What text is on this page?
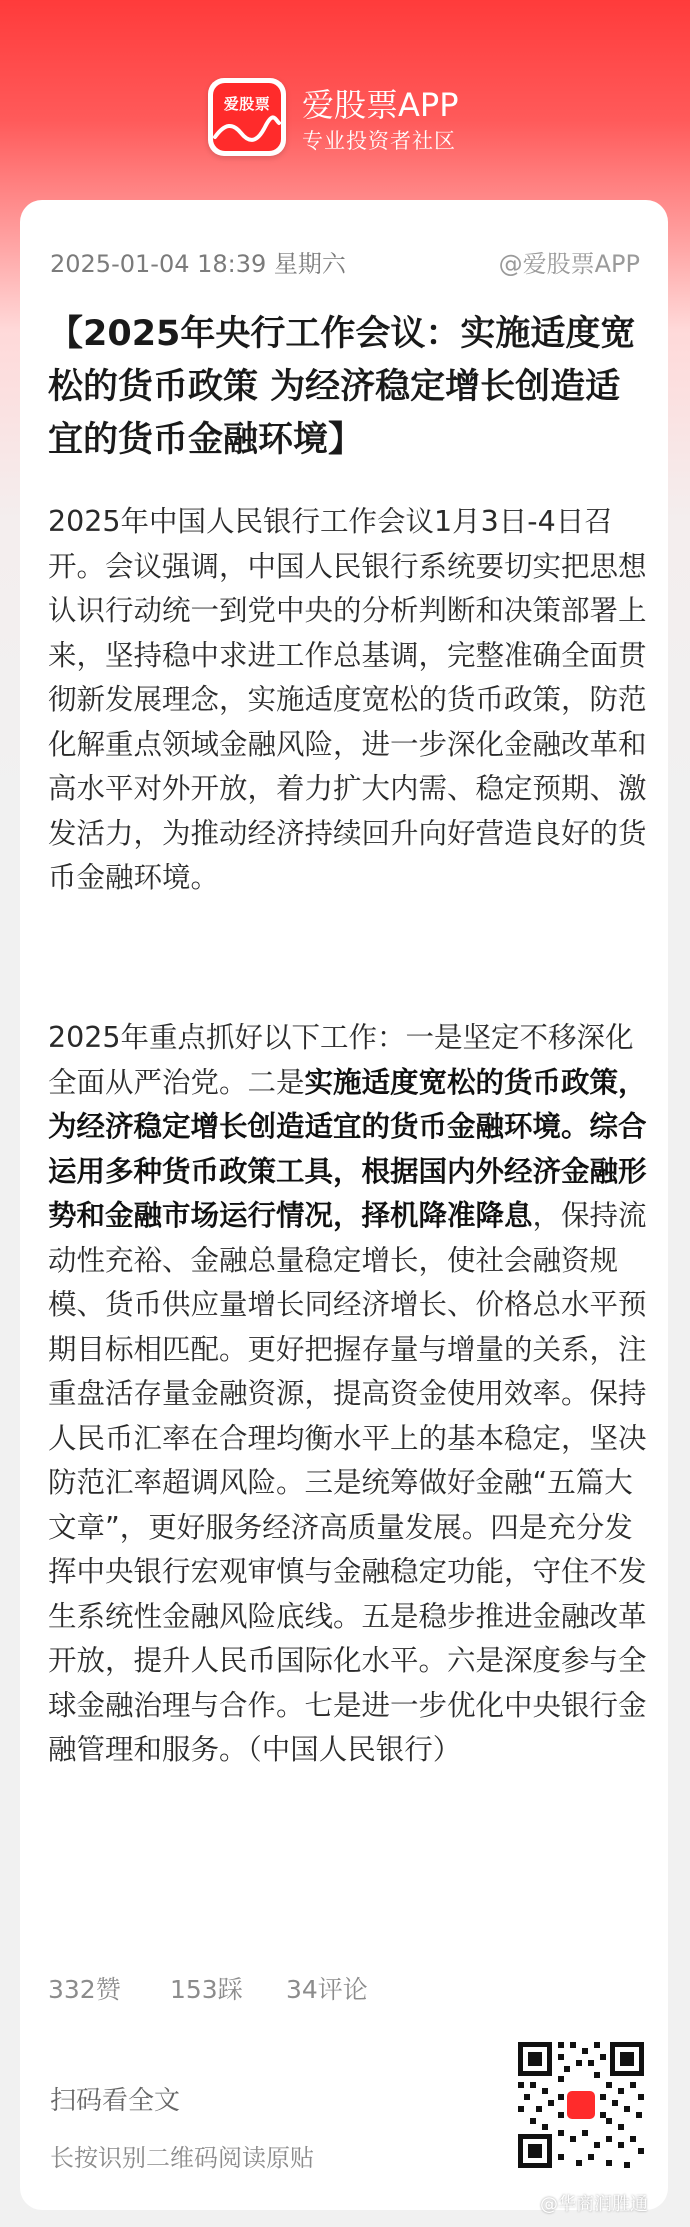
爱股票 爱股票APP
专业投资者社区
2025-01-04 18:39 星期六	@爱股票APP
【2025年央行工作会议：实施适度宽松的货币政策 为经济稳定增长创造适宜的货币金融环境】
2025年中国人民银行工作会议1月3日-4日召开。会议强调，中国人民银行系统要切实把思想认识行动统一到党中央的分析判断和决策部署上来，坚持稳中求进工作总基调，完整准确全面贯彻新发展理念，实施适度宽松的货币政策，防范化解重点领域金融风险，进一步深化金融改革和高水平对外开放，着力扩大内需、稳定预期、激发活力，为推动经济持续回升向好营造良好的货币金融环境。
2025年重点抓好以下工作：一是坚定不移深化全面从严治党。二是实施适度宽松的货币政策，为经济稳定增长创造适宜的货币金融环境。综合运用多种货币政策工具，根据国内外经济金融形势和金融市场运行情况，择机降准降息，保持流动性充裕、金融总量稳定增长，使社会融资规模、货币供应量增长同经济增长、价格总水平预期目标相匹配。更好把握存量与增量的关系，注重盘活存量金融资源，提高资金使用效率。保持人民币汇率在合理均衡水平上的基本稳定，坚决防范汇率超调风险。三是统筹做好金融“五篇大文章”，更好服务经济高质量发展。四是充分发挥中央银行宏观审慎与金融稳定功能，守住不发生系统性金融风险底线。五是稳步推进金融改革开放，提升人民币国际化水平。六是深度参与全球金融治理与合作。七是进一步优化中央银行金融管理和服务。（中国人民银行）
332赞 153踩 34评论
扫码看全文
长按识别二维码阅读原贴
@华商润胜通
